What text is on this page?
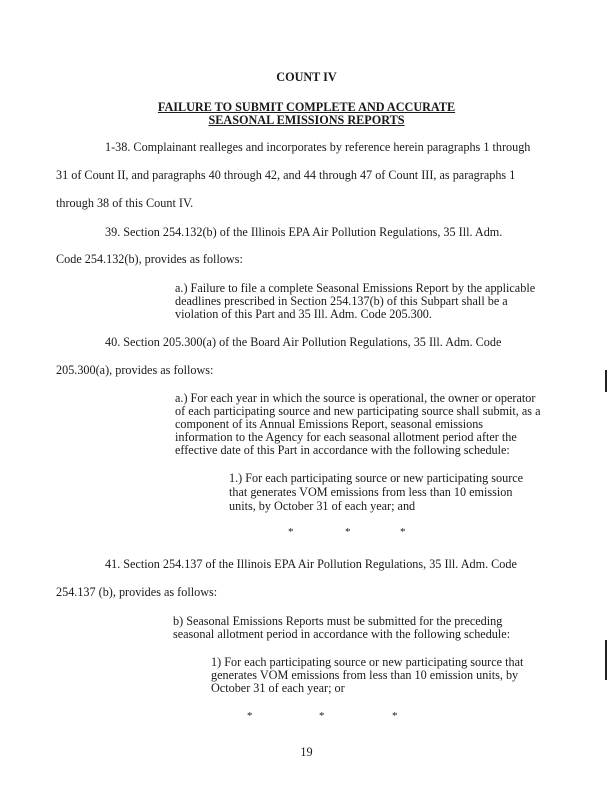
COUNT IV
FAILURE TO SUBMIT COMPLETE AND ACCURATE
SEASONAL EMISSIONS REPORTS
1-38. Complainant realleges and incorporates by reference herein paragraphs 1 through
31 of Count II, and paragraphs 40 through 42, and 44 through 47 of Count III, as paragraphs 1
through 38 of this Count IV.
39. Section 254.132(b) of the Illinois EPA Air Pollution Regulations, 35 Ill. Adm.
Code 254.132(b), provides as follows:
a.) Failure to file a complete Seasonal Emissions Report by the applicable
deadlines prescribed in Section 254.137(b) of this Subpart shall be a
violation of this Part and 35 Ill. Adm. Code 205.300.
40. Section 205.300(a) of the Board Air Pollution Regulations, 35 Ill. Adm. Code
205.300(a), provides as follows:
a.) For each year in which the source is operational, the owner or operator
of each participating source and new participating source shall submit, as a
component of its Annual Emissions Report, seasonal emissions
information to the Agency for each seasonal allotment period after the
effective date of this Part in accordance with the following schedule:
1.) For each participating source or new participating source
that generates VOM emissions from less than 10 emission
units, by October 31 of each year; and
*	*	*
41. Section 254.137 of the Illinois EPA Air Pollution Regulations, 35 Ill. Adm. Code
254.137 (b), provides as follows:
b) Seasonal Emissions Reports must be submitted for the preceding
seasonal allotment period in accordance with the following schedule:
1) For each participating source or new participating source that
generates VOM emissions from less than 10 emission units, by
October 31 of each year; or
*	*	*
19
